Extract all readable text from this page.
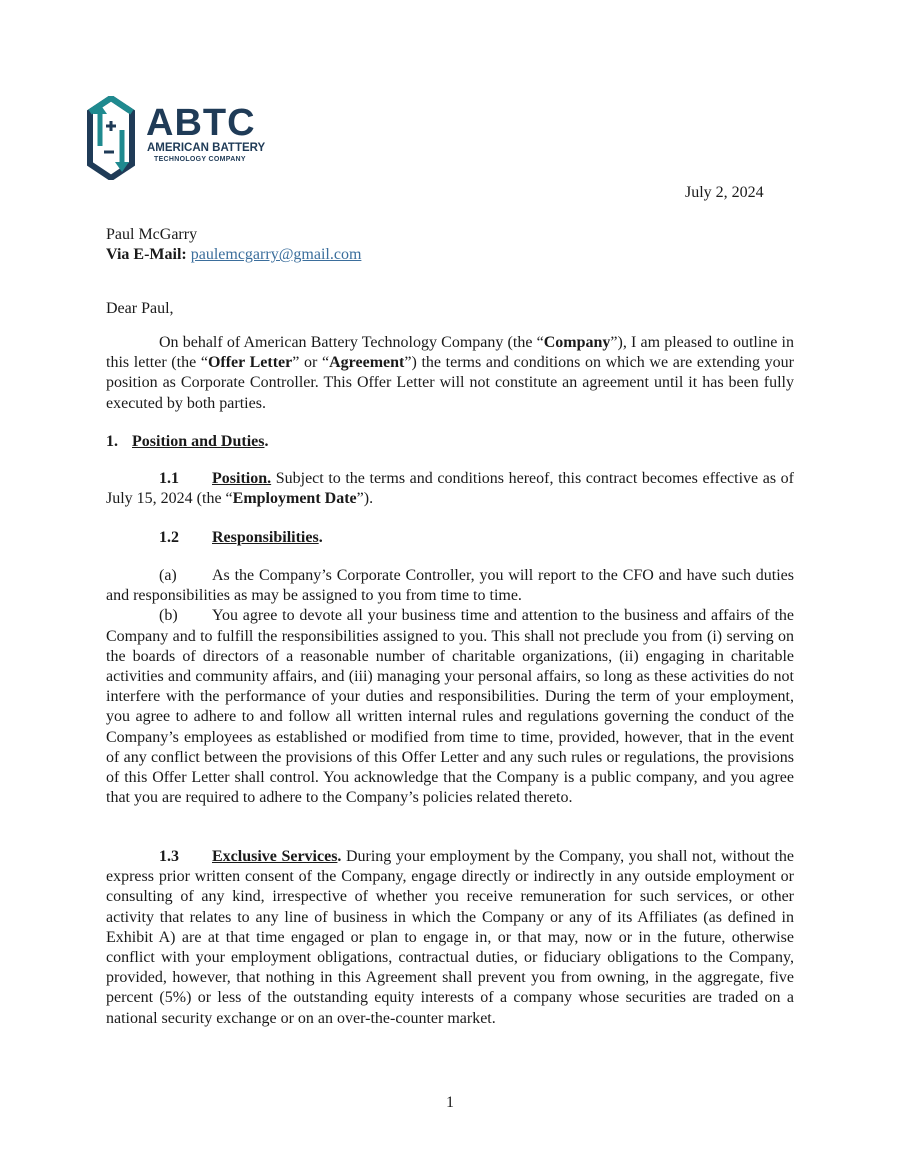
ABTC
AMERICAN BATTERY
TECHNOLOGY COMPANY
July 2, 2024
Paul McGarry
Via E-Mail: paulemcgarry@gmail.com
Dear Paul,
On behalf of American Battery Technology Company (the “Company”), I am pleased to outline in this letter (the “Offer Letter” or “Agreement”) the terms and conditions on which we are extending your position as Corporate Controller. This Offer Letter will not constitute an agreement until it has been fully executed by both parties.
1. Position and Duties.
1.1 Position. Subject to the terms and conditions hereof, this contract becomes effective as of July 15, 2024 (the “Employment Date”).
1.2 Responsibilities.
(a) As the Company’s Corporate Controller, you will report to the CFO and have such duties and responsibilities as may be assigned to you from time to time.
(b) You agree to devote all your business time and attention to the business and affairs of the Company and to fulfill the responsibilities assigned to you. This shall not preclude you from (i) serving on the boards of directors of a reasonable number of charitable organizations, (ii) engaging in charitable activities and community affairs, and (iii) managing your personal affairs, so long as these activities do not interfere with the performance of your duties and responsibilities. During the term of your employment, you agree to adhere to and follow all written internal rules and regulations governing the conduct of the Company’s employees as established or modified from time to time, provided, however, that in the event of any conflict between the provisions of this Offer Letter and any such rules or regulations, the provisions of this Offer Letter shall control. You acknowledge that the Company is a public company, and you agree that you are required to adhere to the Company’s policies related thereto.
1.3 Exclusive Services. During your employment by the Company, you shall not, without the express prior written consent of the Company, engage directly or indirectly in any outside employment or consulting of any kind, irrespective of whether you receive remuneration for such services, or other activity that relates to any line of business in which the Company or any of its Affiliates (as defined in Exhibit A) are at that time engaged or plan to engage in, or that may, now or in the future, otherwise conflict with your employment obligations, contractual duties, or fiduciary obligations to the Company, provided, however, that nothing in this Agreement shall prevent you from owning, in the aggregate, five percent (5%) or less of the outstanding equity interests of a company whose securities are traded on a national security exchange or on an over-the-counter market.
1
